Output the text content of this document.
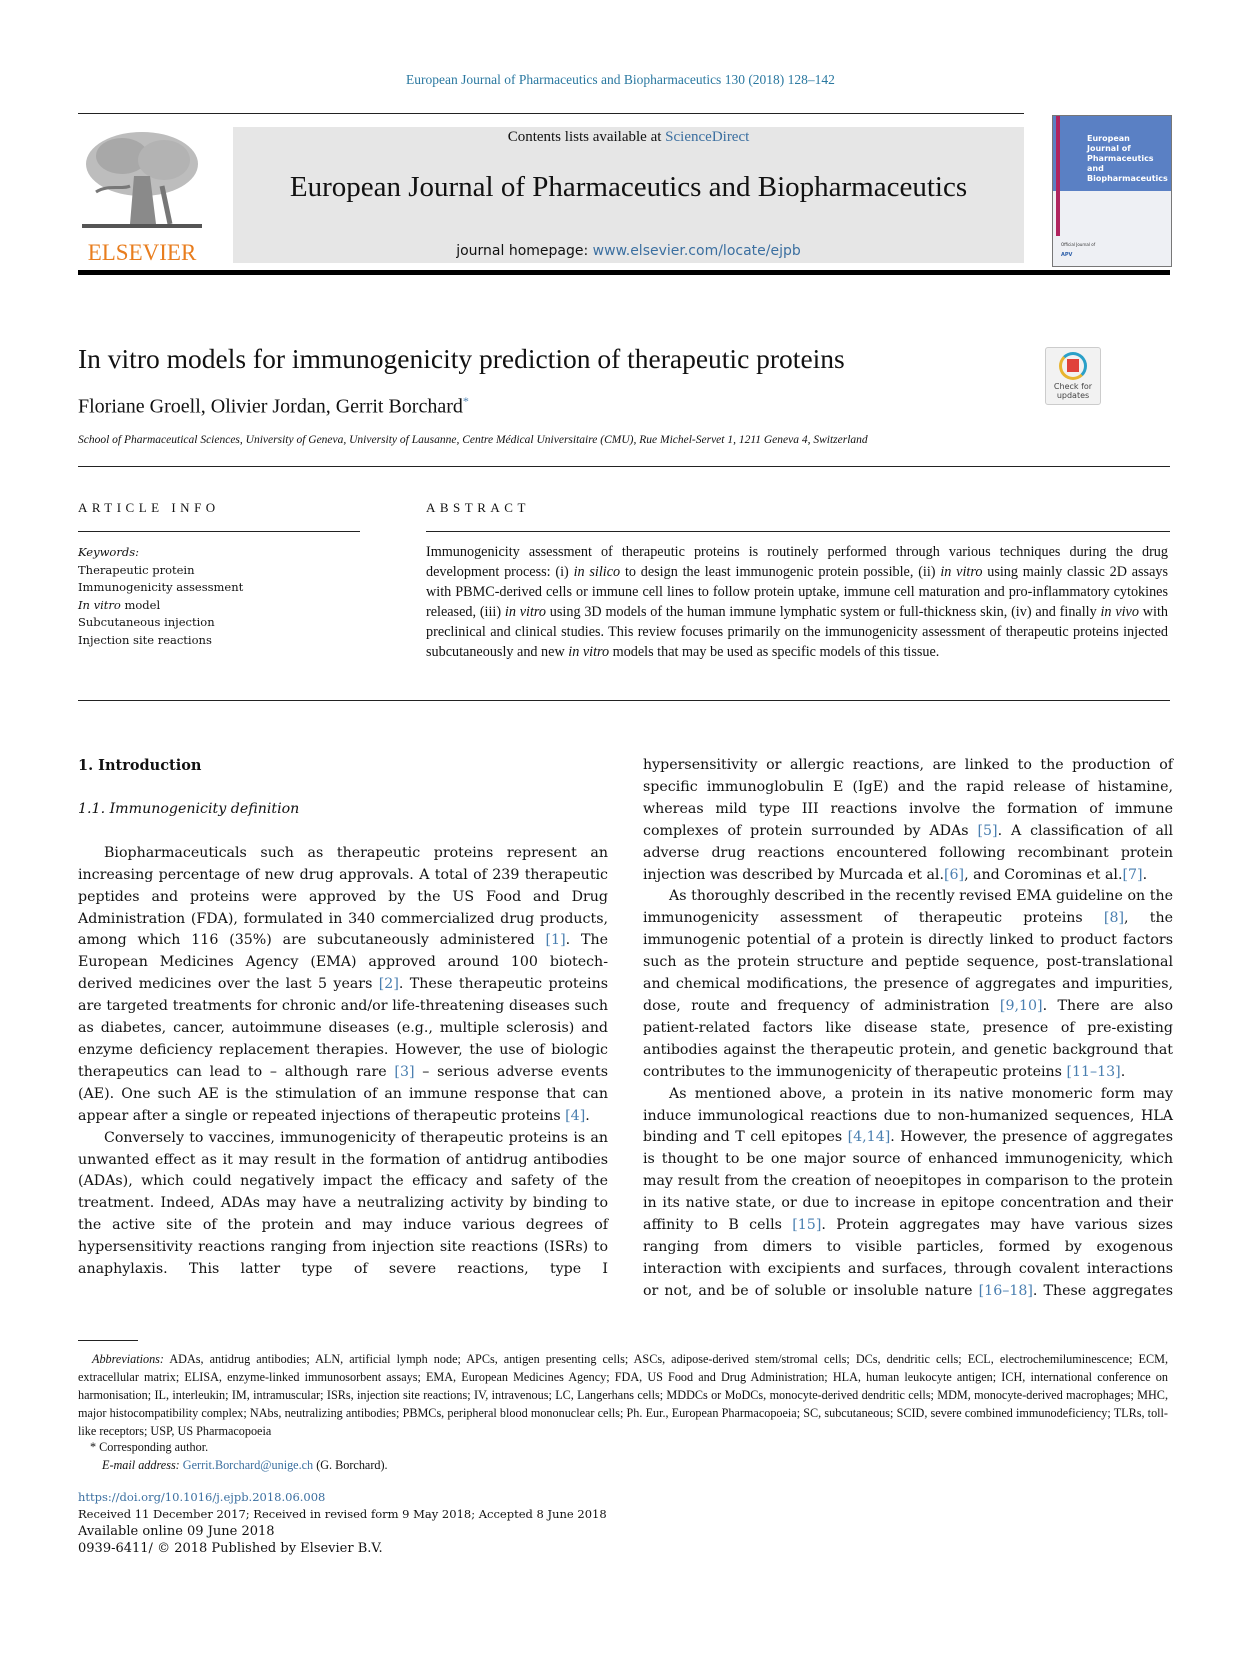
European Journal of Pharmaceutics and Biopharmaceutics 130 (2018) 128–142
ELSEVIER
Contents lists available at ScienceDirect
European Journal of Pharmaceutics and Biopharmaceutics
journal homepage: www.elsevier.com/locate/ejpb
European
Journal of
Pharmaceutics and
Biopharmaceutics
Official Journal of
APV
In vitro models for immunogenicity prediction of therapeutic proteins
Floriane Groell, Olivier Jordan, Gerrit Borchard*
School of Pharmaceutical Sciences, University of Geneva, University of Lausanne, Centre Médical Universitaire (CMU), Rue Michel-Servet 1, 1211 Geneva 4, Switzerland
Check for
updates
ARTICLE INFO	ABSTRACT
Keywords:
Therapeutic protein
Immunogenicity assessment
In vitro model
Subcutaneous injection
Injection site reactions
Immunogenicity assessment of therapeutic proteins is routinely performed through various techniques during the drug development process: (i) in silico to design the least immunogenic protein possible, (ii) in vitro using mainly classic 2D assays with PBMC-derived cells or immune cell lines to follow protein uptake, immune cell maturation and pro-inflammatory cytokines released, (iii) in vitro using 3D models of the human immune lymphatic system or full-thickness skin, (iv) and finally in vivo with preclinical and clinical studies. This review focuses primarily on the immunogenicity assessment of therapeutic proteins injected subcutaneously and new in vitro models that may be used as specific models of this tissue.
1. Introduction
1.1. Immunogenicity definition

Biopharmaceuticals such as therapeutic proteins represent an increasing percentage of new drug approvals. A total of 239 therapeutic peptides and proteins were approved by the US Food and Drug Administration (FDA), formulated in 340 commercialized drug products, among which 116 (35%) are subcutaneously administered [1]. The European Medicines Agency (EMA) approved around 100 biotech-derived medicines over the last 5 years [2]. These therapeutic proteins are targeted treatments for chronic and/or life-threatening diseases such as diabetes, cancer, autoimmune diseases (e.g., multiple sclerosis) and enzyme deficiency replacement therapies. However, the use of biologic therapeutics can lead to – although rare [3] – serious adverse events (AE). One such AE is the stimulation of an immune response that can appear after a single or repeated injections of therapeutic proteins [4].

Conversely to vaccines, immunogenicity of therapeutic proteins is an unwanted effect as it may result in the formation of antidrug antibodies (ADAs), which could negatively impact the efficacy and safety of the treatment. Indeed, ADAs may have a neutralizing activity by binding to the active site of the protein and may induce various degrees of hypersensitivity reactions ranging from injection site reactions (ISRs) to anaphylaxis. This latter type of severe reactions, type I

hypersensitivity or allergic reactions, are linked to the production of specific immunoglobulin E (IgE) and the rapid release of histamine, whereas mild type III reactions involve the formation of immune complexes of protein surrounded by ADAs [5]. A classification of all adverse drug reactions encountered following recombinant protein injection was described by Murcada et al.[6], and Corominas et al.[7].

As thoroughly described in the recently revised EMA guideline on the immunogenicity assessment of therapeutic proteins [8], the immunogenic potential of a protein is directly linked to product factors such as the protein structure and peptide sequence, post-translational and chemical modifications, the presence of aggregates and impurities, dose, route and frequency of administration [9,10]. There are also patient-related factors like disease state, presence of pre-existing antibodies against the therapeutic protein, and genetic background that contributes to the immunogenicity of therapeutic proteins [11–13].

As mentioned above, a protein in its native monomeric form may induce immunological reactions due to non-humanized sequences, HLA binding and T cell epitopes [4,14]. However, the presence of aggregates is thought to be one major source of enhanced immunogenicity, which may result from the creation of neoepitopes in comparison to the protein in its native state, or due to increase in epitope concentration and their affinity to B cells [15]. Protein aggregates may have various sizes ranging from dimers to visible particles, formed by exogenous interaction with excipients and surfaces, through covalent interactions or not, and be of soluble or insoluble nature [16–18]. These aggregates

Abbreviations: ADAs, antidrug antibodies; ALN, artificial lymph node; APCs, antigen presenting cells; ASCs, adipose-derived stem/stromal cells; DCs, dendritic cells; ECL, electrochemiluminescence; ECM, extracellular matrix; ELISA, enzyme-linked immunosorbent assays; EMA, European Medicines Agency; FDA, US Food and Drug Administration; HLA, human leukocyte antigen; ICH, international conference on harmonisation; IL, interleukin; IM, intramuscular; ISRs, injection site reactions; IV, intravenous; LC, Langerhans cells; MDDCs or MoDCs, monocyte-derived dendritic cells; MDM, monocyte-derived macrophages; MHC, major histocompatibility complex; NAbs, neutralizing antibodies; PBMCs, peripheral blood mononuclear cells; Ph. Eur., European Pharmacopoeia; SC, subcutaneous; SCID, severe combined immunodeficiency; TLRs, toll-like receptors; USP, US Pharmacopoeia
* Corresponding author.
E-mail address: Gerrit.Borchard@unige.ch (G. Borchard).
https://doi.org/10.1016/j.ejpb.2018.06.008
Received 11 December 2017; Received in revised form 9 May 2018; Accepted 8 June 2018
Available online 09 June 2018
0939-6411/ © 2018 Published by Elsevier B.V.
